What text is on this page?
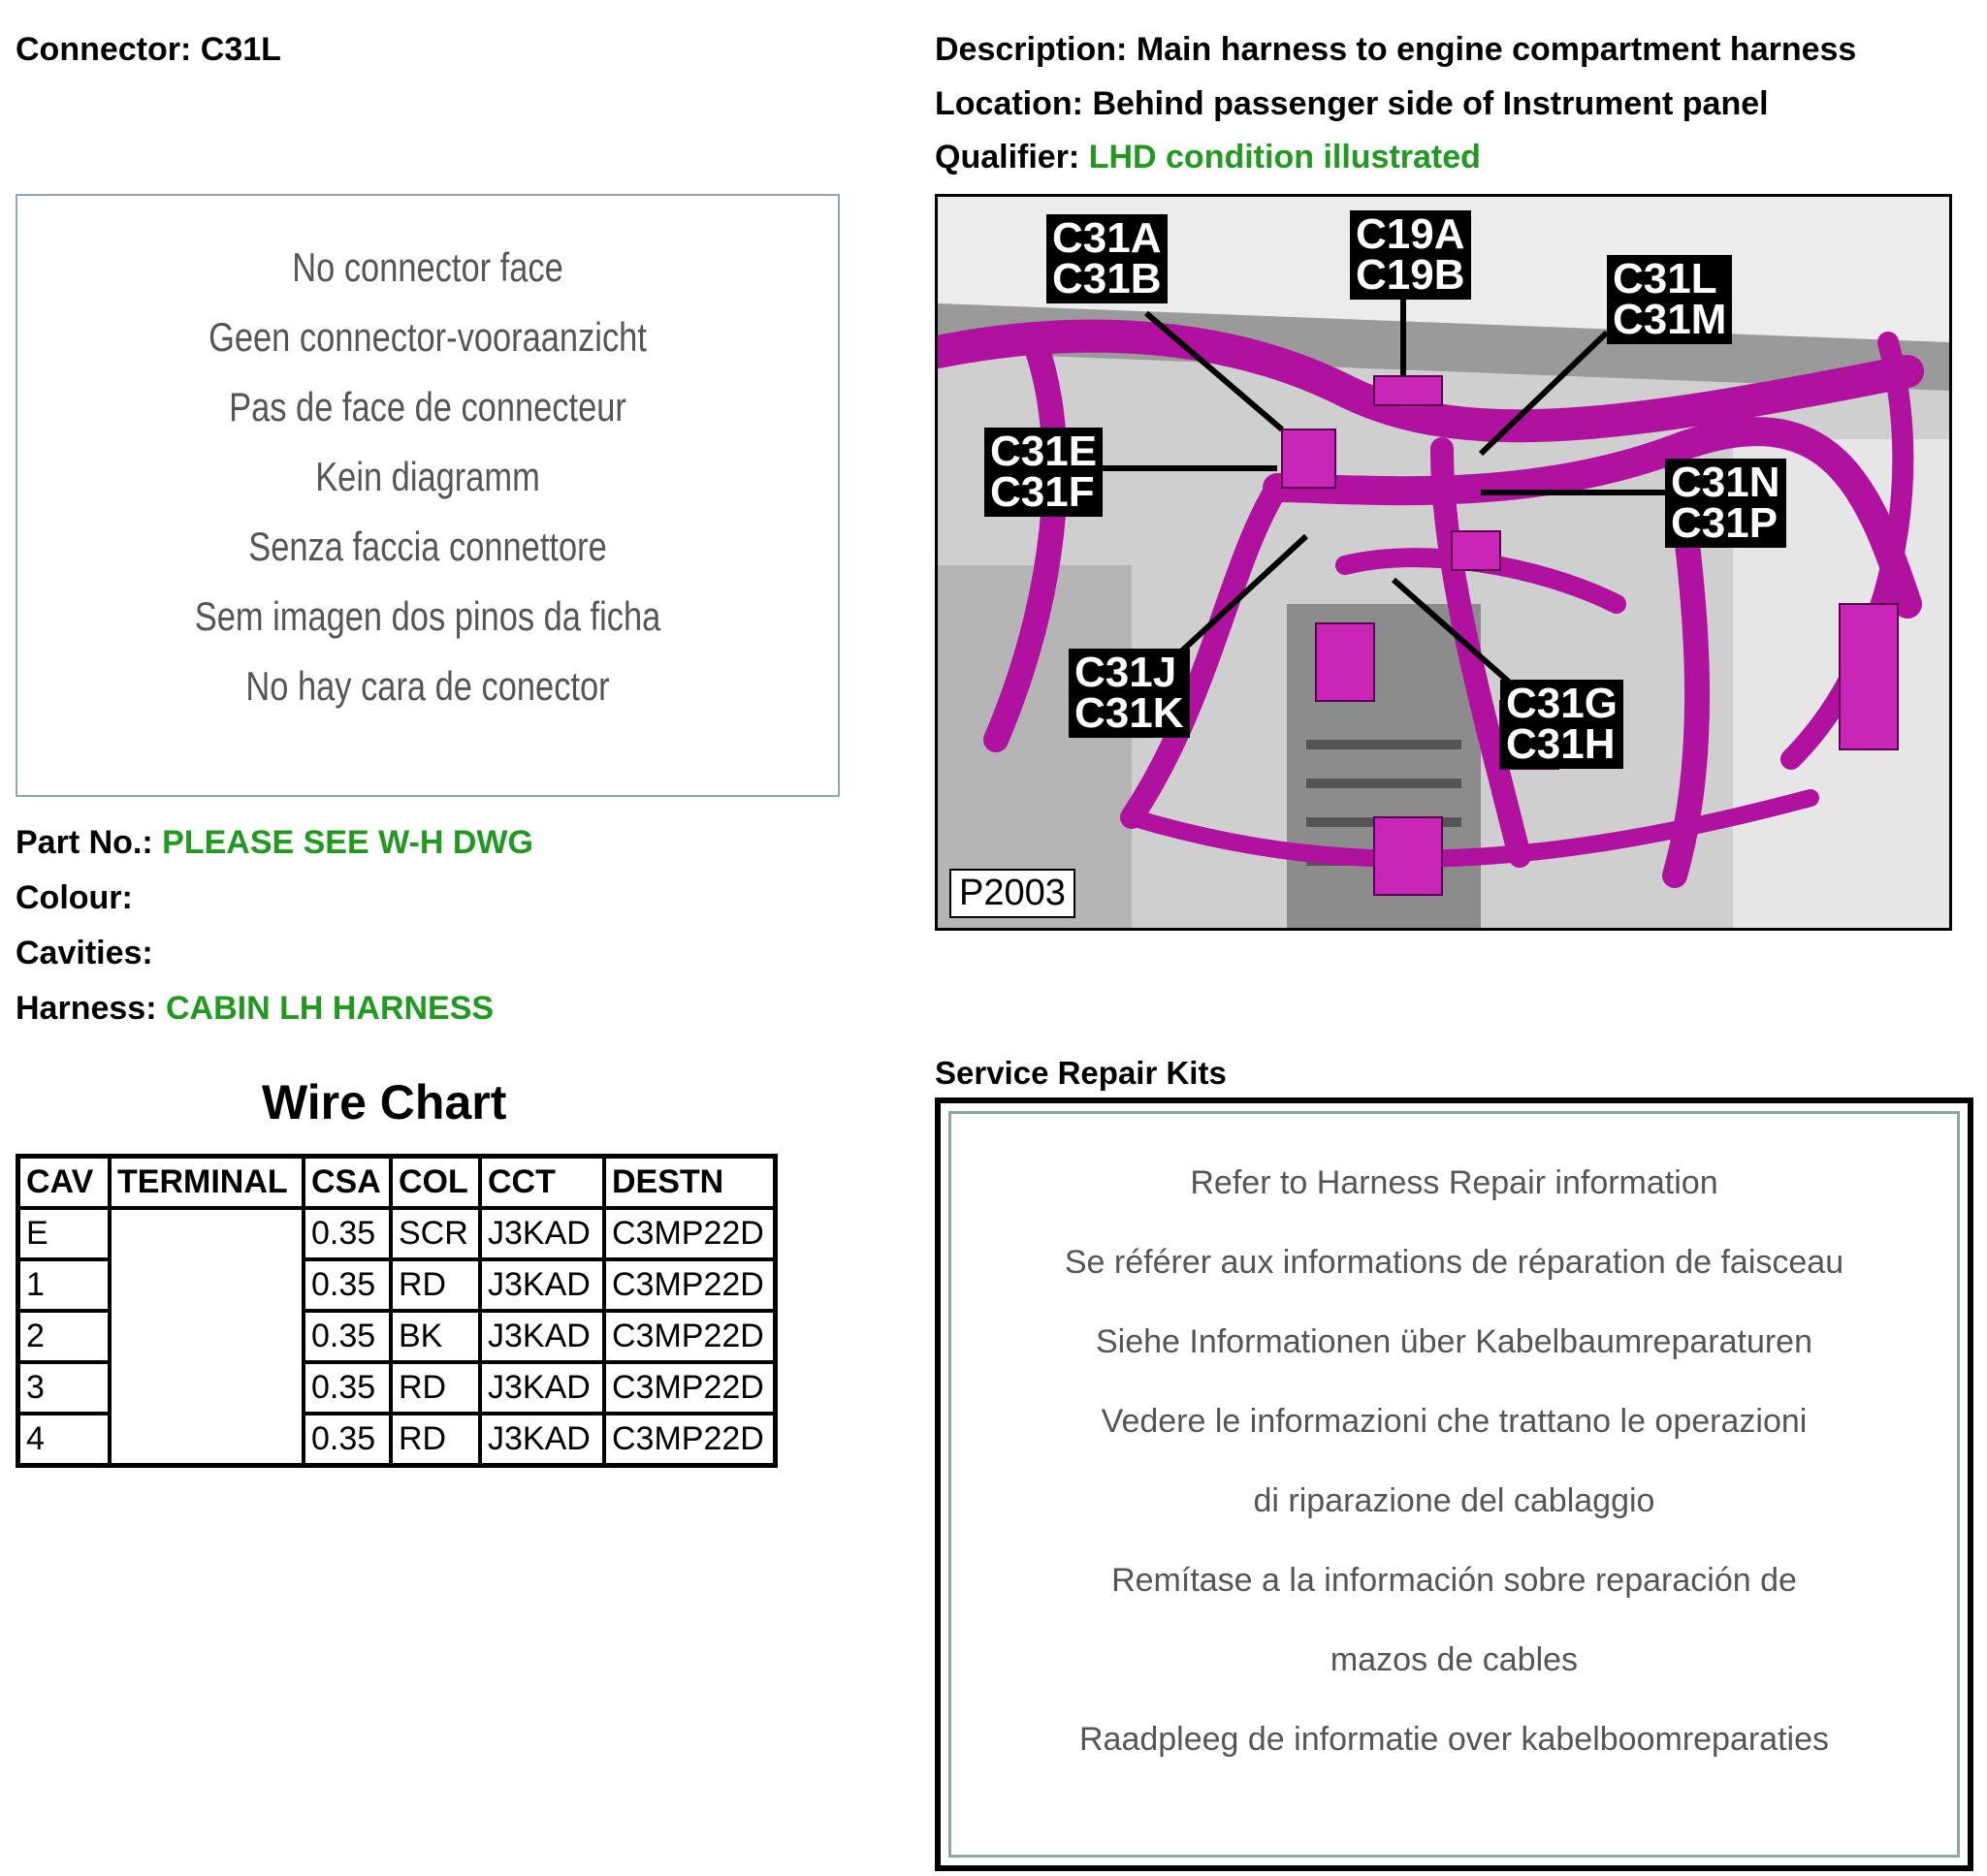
Connector: C31L	Description: Main harness to engine compartment harness
Location: Behind passenger side of Instrument panel
Qualifier: LHD condition illustrated
No connector face
Geen connector-vooraanzicht
Pas de face de connecteur
Kein diagramm
Senza faccia connettore
Sem imagen dos pinos da ficha
No hay cara de conector
Part No.: PLEASE SEE W-H DWG
Colour:
Cavities:
Harness: CABIN LH HARNESS
Wire Chart
CAV	TERMINAL	CSA	COL	CCT	DESTN
E		0.35	SCR	J3KAD	C3MP22D
1		0.35	RD	J3KAD	C3MP22D
2		0.35	BK	J3KAD	C3MP22D
3		0.35	RD	J3KAD	C3MP22D
4		0.35	RD	J3KAD	C3MP22D
C31A
C31B
C19A
C19B	C31L
C31M
C31E
C31F	C31N
C31P
C31J
C31K	C31G
C31H
P2003
Service Repair Kits
Refer to Harness Repair information
Se référer aux informations de réparation de faisceau
Siehe Informationen über Kabelbaumreparaturen
Vedere le informazioni che trattano le operazioni
di riparazione del cablaggio
Remítase a la información sobre reparación de
mazos de cables
Raadpleeg de informatie over kabelboomreparaties
